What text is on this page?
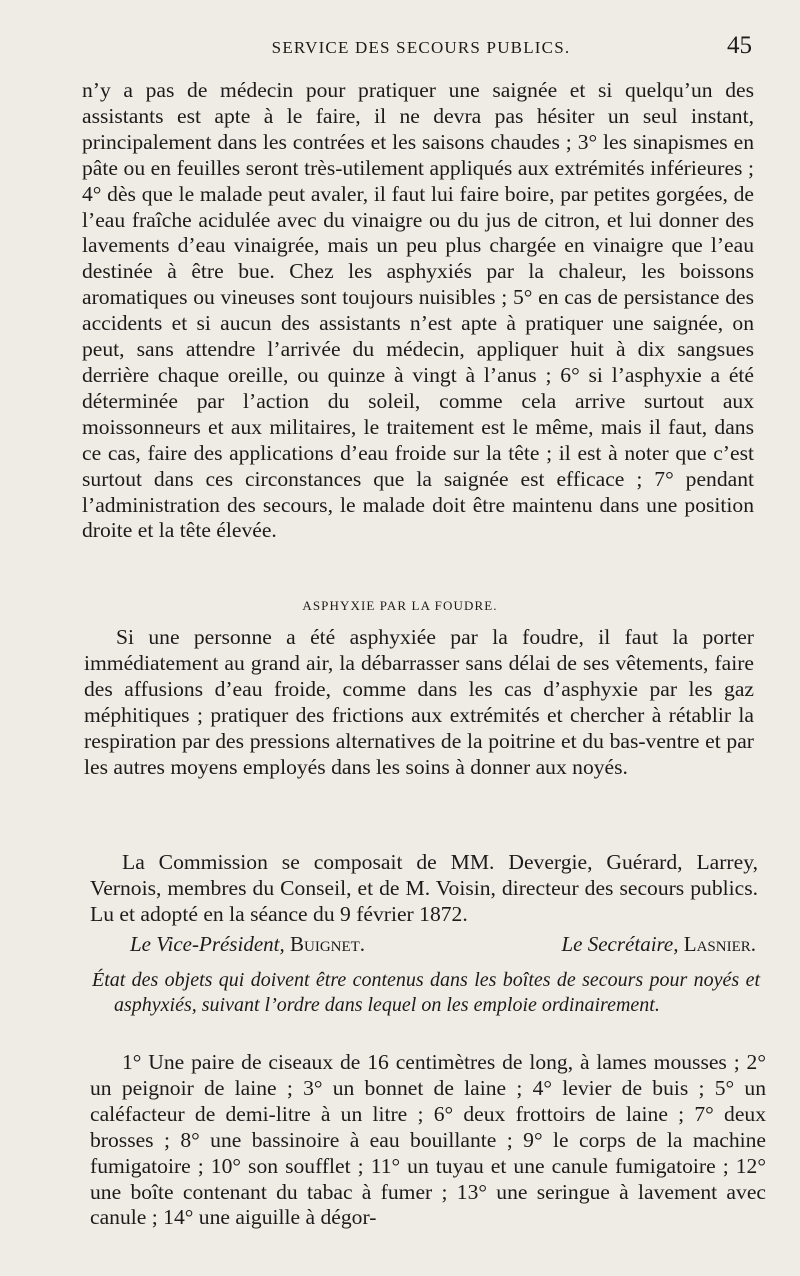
SERVICE DES SECOURS PUBLICS.	45

n’y a pas de médecin pour pratiquer une saignée et si quelqu’un des assistants est apte à le faire, il ne devra pas hésiter un seul instant, principalement dans les contrées et les saisons chaudes ; 3° les sinapismes en pâte ou en feuilles seront très-utilement appliqués aux extrémités inférieures ; 4° dès que le malade peut avaler, il faut lui faire boire, par petites gorgées, de l’eau fraîche acidulée avec du vinaigre ou du jus de citron, et lui donner des lavements d’eau vinaigrée, mais un peu plus chargée en vinaigre que l’eau destinée à être bue. Chez les asphyxiés par la chaleur, les boissons aromatiques ou vineuses sont toujours nuisibles ; 5° en cas de persistance des accidents et si aucun des assistants n’est apte à pratiquer une saignée, on peut, sans attendre l’arrivée du médecin, appliquer huit à dix sangsues derrière chaque oreille, ou quinze à vingt à l’anus ; 6° si l’asphyxie a été déterminée par l’action du soleil, comme cela arrive surtout aux moissonneurs et aux militaires, le traitement est le même, mais il faut, dans ce cas, faire des applications d’eau froide sur la tête ; il est à noter que c’est surtout dans ces circonstances que la saignée est efficace ; 7° pendant l’administration des secours, le malade doit être maintenu dans une position droite et la tête élevée.

ASPHYXIE PAR LA FOUDRE.

Si une personne a été asphyxiée par la foudre, il faut la porter immédiatement au grand air, la débarrasser sans délai de ses vêtements, faire des affusions d’eau froide, comme dans les cas d’asphyxie par les gaz méphitiques ; pratiquer des frictions aux extrémités et chercher à rétablir la respiration par des pressions alternatives de la poitrine et du bas-ventre et par les autres moyens employés dans les soins à donner aux noyés.

La Commission se composait de MM. Devergie, Guérard, Larrey, Vernois, membres du Conseil, et de M. Voisin, directeur des secours publics. Lu et adopté en la séance du 9 février 1872.

Le Vice-Président, Buignet.	Le Secrétaire, Lasnier.

État des objets qui doivent être contenus dans les boîtes de secours pour noyés et asphyxiés, suivant l’ordre dans lequel on les emploie ordinairement.

1° Une paire de ciseaux de 16 centimètres de long, à lames mousses ; 2° un peignoir de laine ; 3° un bonnet de laine ; 4° levier de buis ; 5° un caléfacteur de demi-litre à un litre ; 6° deux frottoirs de laine ; 7° deux brosses ; 8° une bassinoire à eau bouillante ; 9° le corps de la machine fumigatoire ; 10° son soufflet ; 11° un tuyau et une canule fumigatoire ; 12° une boîte contenant du tabac à fumer ; 13° une seringue à lavement avec canule ; 14° une aiguille à dégor-
